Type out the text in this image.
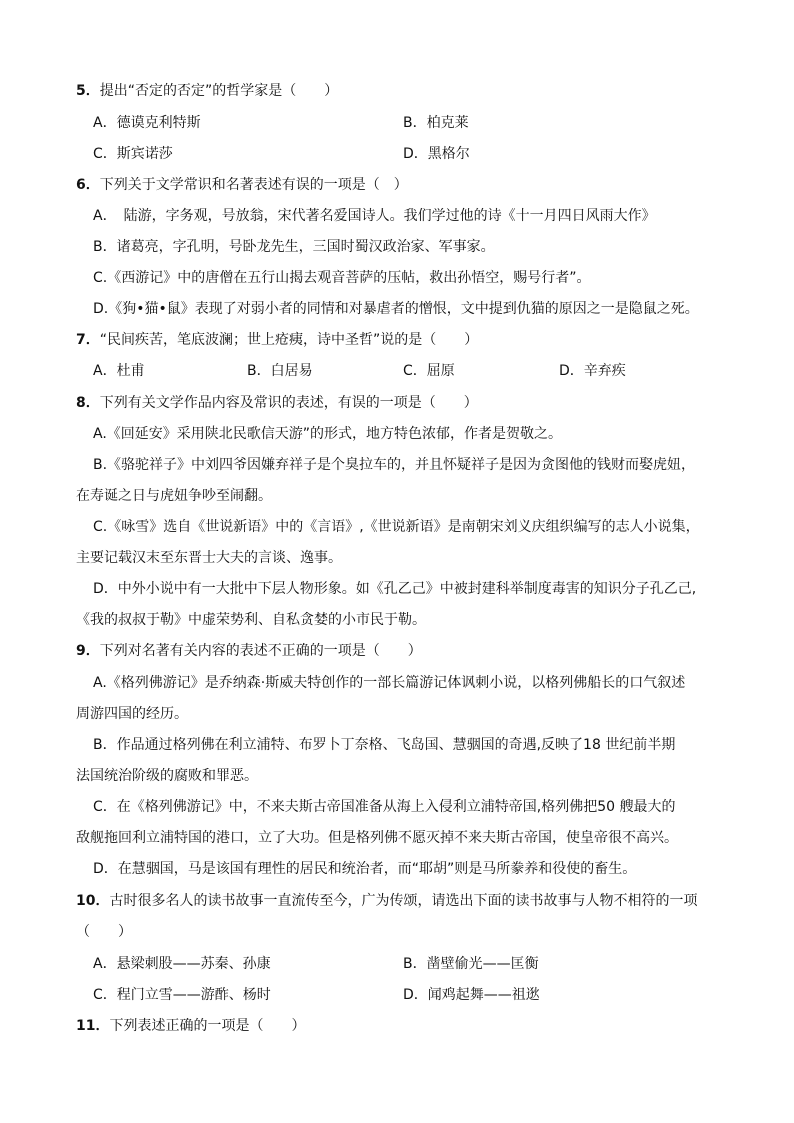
5．提出“否定的否定”的哲学家是（　　）
A．德谟克利特斯	B．柏克莱
C．斯宾诺莎	D．黑格尔
6．下列关于文学常识和名著表述有误的一项是（　）
A．　陆游，字务观，号放翁，宋代著名爱国诗人。我们学过他的诗《十一月四日风雨大作》
B．诸葛亮，字孔明，号卧龙先生，三国时蜀汉政治家、军事家。
C.《西游记》中的唐僧在五行山揭去观音菩萨的压帖，救出孙悟空，赐号行者”。
D.《狗•猫•鼠》表现了对弱小者的同情和对暴虐者的憎恨，文中提到仇猫的原因之一是隐鼠之死。
7．“民间疾苦，笔底波澜；世上疮痍，诗中圣哲”说的是（　　）
A．杜甫	B．白居易	C．屈原	D．辛弃疾
8．下列有关文学作品内容及常识的表述，有误的一项是（　　）
A.《回延安》采用陕北民歌信天游”的形式，地方特色浓郁，作者是贺敬之。
B.《骆驼祥子》中刘四爷因嫌弃祥子是个臭拉车的，并且怀疑祥子是因为贪图他的钱财而娶虎妞，
在寿诞之日与虎妞争吵至闹翻。
C.《咏雪》选自《世说新语》中的《言语》,《世说新语》是南朝宋刘义庆组织编写的志人小说集，
主要记载汉末至东晋士大夫的言谈、逸事。
D．中外小说中有一大批中下层人物形象。如《孔乙己》中被封建科举制度毒害的知识分子孔乙己,
《我的叔叔于勒》中虚荣势利、自私贪婪的小市民于勒。
9．下列对名著有关内容的表述不正确的一项是（　　）
A.《格列佛游记》是乔纳森·斯威夫特创作的一部长篇游记体讽刺小说，以格列佛船长的口气叙述
周游四国的经历。
B．作品通过格列佛在利立浦特、布罗卜丁奈格、飞岛国、慧骃国的奇遇,反映了18 世纪前半期
法国统治阶级的腐败和罪恶。
C．在《格列佛游记》中，不来夫斯古帝国准备从海上入侵利立浦特帝国,格列佛把50 艘最大的
敌舰拖回利立浦特国的港口，立了大功。但是格列佛不愿灭掉不来夫斯古帝国，使皇帝很不高兴。
D．在慧骃国，马是该国有理性的居民和统治者，而“耶胡”则是马所豢养和役使的畜生。
10．古时很多名人的读书故事一直流传至今，广为传颂，请选出下面的读书故事与人物不相符的一项
（　　）
A．悬梁刺股——苏秦、孙康	B．凿壁偷光——匡衡
C．程门立雪——游酢、杨时	D．闻鸡起舞——祖逖
11．下列表述正确的一项是（　　）
